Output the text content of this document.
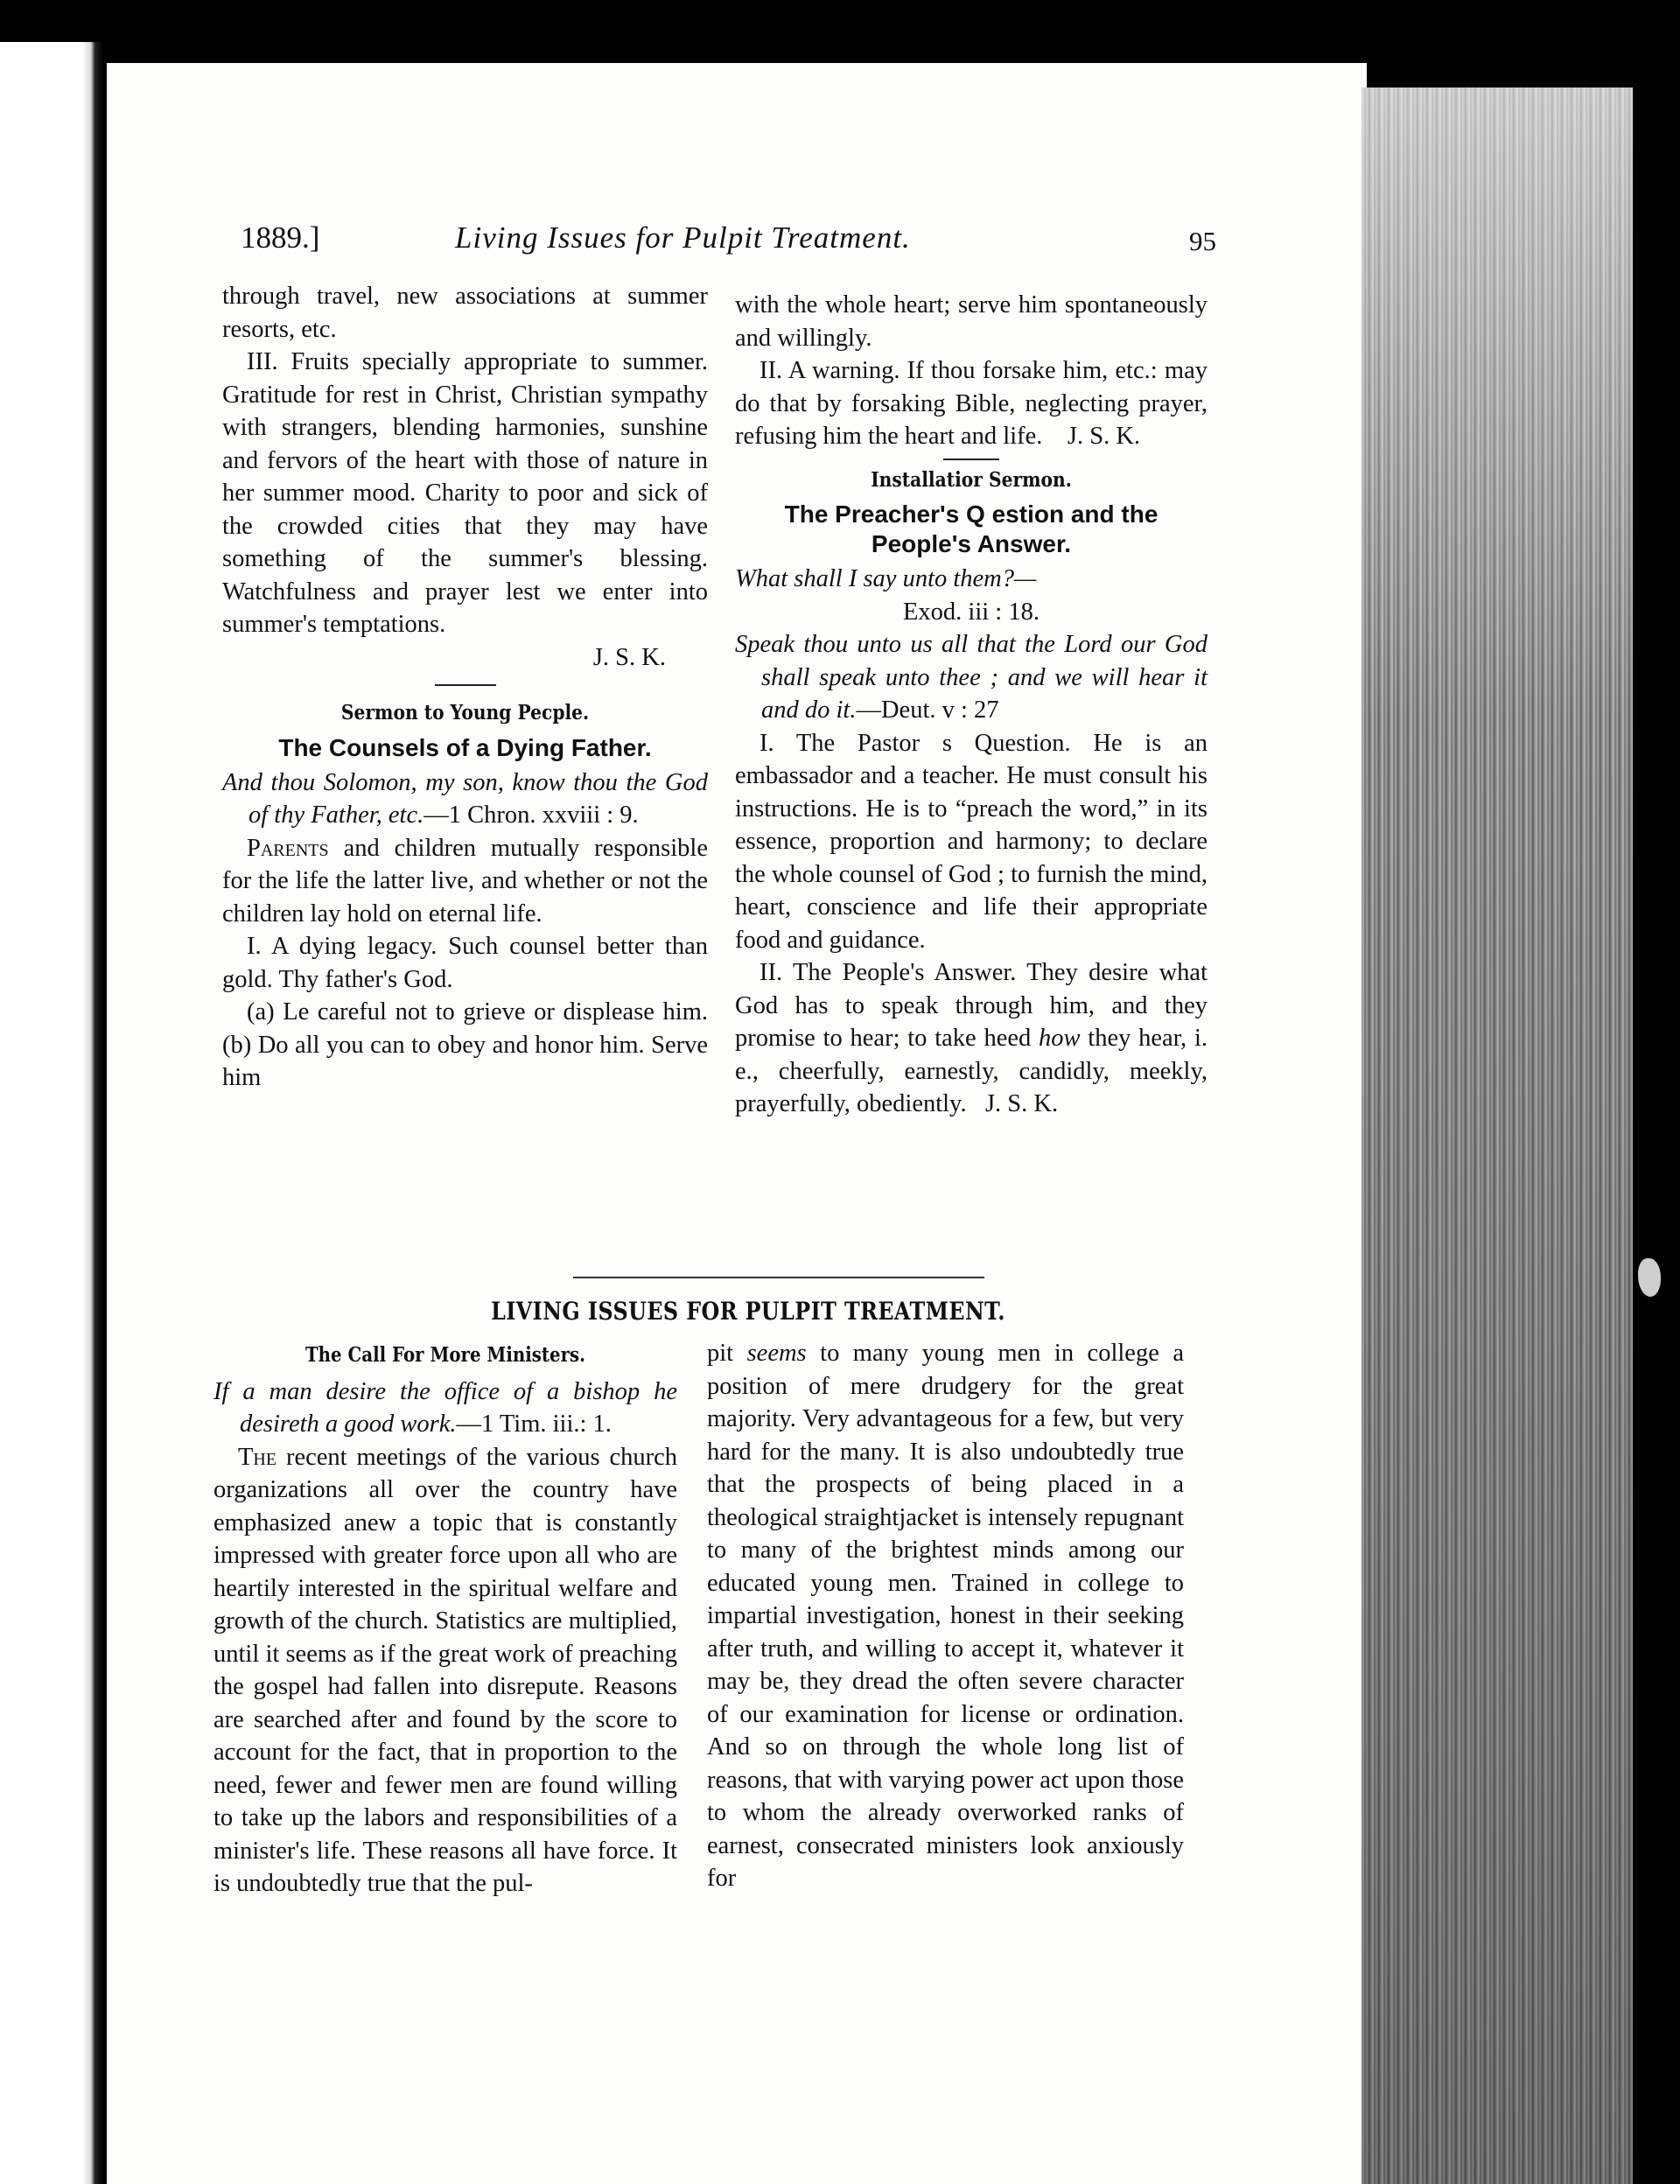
1889.]	Living Issues for Pulpit Treatment.	95

through travel, new associations at summer resorts, etc.

III. Fruits specially appropriate to summer. Gratitude for rest in Christ, Christian sympathy with strangers, blending harmonies, sunshine and fervors of the heart with those of nature in her summer mood. Charity to poor and sick of the crowded cities that they may have something of the summer's blessing. Watchfulness and prayer lest we enter into summer's temptations.

J. S. K.

Sermon to Young Pecple.

The Counsels of a Dying Father.

And thou Solomon, my son, know thou the God of thy Father, etc.—1 Chron. xxviii : 9.

Parents and children mutually responsible for the life the latter live, and whether or not the children lay hold on eternal life.

I. A dying legacy. Such counsel better than gold. Thy father's God.

(a) Le careful not to grieve or displease him. (b) Do all you can to obey and honor him. Serve him

with the whole heart; serve him spontaneously and willingly.

II. A warning. If thou forsake him, etc.: may do that by forsaking Bible, neglecting prayer, refusing him the heart and life. J. S. K.

Installatior Sermon.

The Preacher's Q estion and the People's Answer.

What shall I say unto them?—

Exod. iii : 18.

Speak thou unto us all that the Lord our God shall speak unto thee ; and we will hear it and do it.—Deut. v : 27

I. The Pastor s Question. He is an embassador and a teacher. He must consult his instructions. He is to “preach the word,” in its essence, proportion and harmony; to declare the whole counsel of God ; to furnish the mind, heart, conscience and life their appropriate food and guidance.

II. The People's Answer. They desire what God has to speak through him, and they promise to hear; to take heed how they hear, i. e., cheerfully, earnestly, candidly, meekly, prayerfully, obediently. J. S. K.

LIVING ISSUES FOR PULPIT TREATMENT.

The Call For More Ministers.

If a man desire the office of a bishop he desireth a good work.—1 Tim. iii.: 1.

The recent meetings of the various church organizations all over the country have emphasized anew a topic that is constantly impressed with greater force upon all who are heartily interested in the spiritual welfare and growth of the church. Statistics are multiplied, until it seems as if the great work of preaching the gospel had fallen into disrepute. Reasons are searched after and found by the score to account for the fact, that in proportion to the need, fewer and fewer men are found willing to take up the labors and responsibilities of a minister's life. These reasons all have force. It is undoubtedly true that the pul-

pit seems to many young men in college a position of mere drudgery for the great majority. Very advantageous for a few, but very hard for the many. It is also undoubtedly true that the prospects of being placed in a theological straightjacket is intensely repugnant to many of the brightest minds among our educated young men. Trained in college to impartial investigation, honest in their seeking after truth, and willing to accept it, whatever it may be, they dread the often severe character of our examination for license or ordination. And so on through the whole long list of reasons, that with varying power act upon those to whom the already overworked ranks of earnest, consecrated ministers look anxiously for
